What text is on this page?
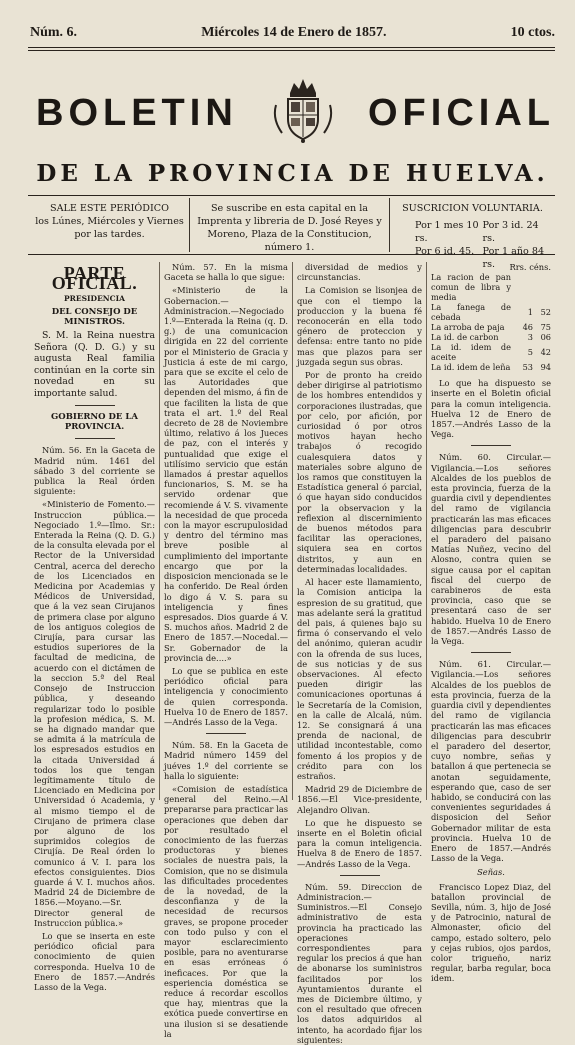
Núm. 6.	Miércoles 14 de Enero de 1857.	10 ctos.
BOLETIN	OFICIAL
DE LA PROVINCIA DE HUELVA.
SALE ESTE PERIÓDICO
los Lúnes, Miércoles y Viernes por las tardes.
Se suscribe en esta capital en la Imprenta y libreria de D. José Reyes y Moreno, Plaza de la Constitucion, número 1.
SUSCRICION VOLUNTARIA.
Por 1 mes 10 rs.
Por 3 id. 24 rs.
Por 6 id. 45. Por 1 año 84 rs.
PARTE OFICIAL.
PRESIDENCIA
DEL CONSEJO DE MINISTROS.

S. M. la Reina nuestra Señora (Q. D. G.) y su augusta Real familia continúan en la corte sin novedad en su importante salud.

GOBIERNO DE LA PROVINCIA.

Núm. 56. En la Gaceta de Madrid núm. 1461 del sábado 3 del corriente se publica la Real órden siguiente:

«Ministerio de Fomento.—Instruccion pública.—Negociado 1.º—Ilmo. Sr.: Enterada la Reina (Q. D. G.) de la consulta elevada por el Rector de la Universidad Central, acerca del derecho de los Licenciados en Medicina por Academias y Médicos de Universidad, que á la vez sean Cirujanos de primera clase por alguno de los antiguos colegios de Cirujía, para cursar las estudios superiores de la facultad de medicina, de acuerdo con el dictámen de la seccion 5.ª del Real Consejo de Instruccion pública, y deseando regularizar todo lo posible la profesion médica, S. M. se ha dignado mandar que se admita á la matrícula de los espresados estudios en la citada Universidad á todos los que tengan legítimamente título de Licenciado en Medicina por Universidad ó Academia, y al mismo tiempo el de Cirujano de primera clase por alguno de los suprimidos colegios de Cirujía. De Real órden lo comunico á V. I. para los efectos consiguientes. Dios guarde á V. I. muchos años. Madrid 24 de Diciembre de 1856.—Moyano.—Sr. Director general de Instruccion pública.»

Lo que se inserta en este periódico oficial para conocimiento de quien corresponda. Huelva 10 de Enero de 1857.—Andrés Lasso de la Vega.

Núm. 57. En la misma Gaceta se halla lo que sigue:

«Ministerio de la Gobernacion.—Administracion.—Negociado 1.º—Enterada la Reina (q. D. g.) de una comunicacion dirigida en 22 del corriente por el Ministerio de Gracia y Justicia á este de mi cargo, para que se excite el celo de las Autoridades que dependen del mismo, á fin de que faciliten la lista de que trata el art. 1.º del Real decreto de 28 de Noviembre último, relativo á los Jueces de paz, con el interés y puntualidad que exige el utilísimo servicio que están llamados á prestar aquellos funcionarios, S. M. se ha servido ordenar que recomiende á V. S. vivamente la necesidad de que proceda con la mayor escrupulosidad y dentro del término mas breve posible al cumplimiento del importante encargo que por la disposicion mencionada se le ha conferido. De Real órden lo digo á V. S. para su inteligencia y fines espresados. Dios guarde á V. S. muchos años. Madrid 2 de Enero de 1857.—Nocedal.—Sr. Gobernador de la provincia de....»

Lo que se publica en este periódico oficial para inteligencia y conocimiento de quien corresponda. Huelva 10 de Enero de 1857.—Andrés Lasso de la Vega.

Núm. 58. En la Gaceta de Madrid número 1459 del juéves 1.º del corriente se halla lo siguiente:

«Comision de estadística general del Reino.—Al prepararse para practicar las operaciones que deben dar por resultado el conocimiento de las fuerzas productoras y bienes sociales de nuestra pais, la Comision, que no se disimula las dificultades procedentes de la novedad, de la desconfianza y de la necesidad de recursos graves, se propone proceder con todo pulso y con el mayor esclarecimiento posible, para no aventurarse en esas erróneas ó ineficaces. Por que la esperiencia doméstica se reduce á recordar escollos que hay, mientras que la exótica puede convertirse en una ilusion si se desatiende la

diversidad de medios y circunstancias.

La Comision se lisonjea de que con el tiempo la produccion y la buena fé reconocerán en ella todo género de proteccion y defensa: entre tanto no pide mas que plazos para ser juzgada segun sus obras.

Por de pronto ha creido deber dirigirse al patriotismo de los hombres entendidos y corporaciones ilustradas, que por celo, por afición, por curiosidad ó por otros motivos hayan hecho trabajos ó recogido cualesquiera datos y materiales sobre alguno de los ramos que constituyen la Estadística general ó parcial, ó que hayan sido conducidos por la observacion y la reflexion al discernimiento de buenos métodos para facilitar las operaciones, siquiera sea en cortos distritos, y aun en determinadas localidades.

Al hacer este llamamiento, la Comision anticipa la espresion de su gratitud, que mas adelante será la gratitud del pais, á quienes bajo su firma ó conservando el velo del anónimo, quieran acudir con la ofrenda de sus luces, de sus noticias y de sus observaciones. Al efecto pueden dirigir las comunicaciones oportunas á le Secretaría de la Comision, en la calle de Alcalá, núm. 12. Se consignará á una prenda de nacional, de utilidad incontestable, como fomento á los propios y de crédito para con los estraños.

Madrid 29 de Diciembre de 1856.—El Vice-presidente, Alejandro Olivan.

Lo que he dispuesto se inserte en el Boletin oficial para la comun inteligencia. Huelva 8 de Enero de 1857.—Andrés Lasso de la Vega.

Núm. 59. Direccion de Administracion.—Suministros.—El Consejo administrativo de esta provincia ha practicado las operaciones correspondientes para regular los precios á que han de abonarse los suministros facilitados por los Ayuntamientos durante el mes de Diciembre último, y con el resultado que ofrecen los datos adquiridos al intento, ha acordado fijar los siguientes:

Rrs. céns.
La racion de pan comun de libra y media		
La fanega de cebada	1	52
La arroba de paja	46	75
La id. de carbon	3	06
La id. idem de aceite	5	42
La id. idem de leña	53	94

Lo que ha dispuesto se inserte en el Boletin oficial para la comun inteligencia. Huelva 12 de Enero de 1857.—Andrés Lasso de la Vega.

Núm. 60. Circular.—Vigilancia.—Los señores Alcaldes de los pueblos de esta provincia, fuerza de la guardia civil y dependientes del ramo de vigilancia practicarán las mas eficaces diligencias para descubrir el paradero del paisano Matías Nuñez, vecino del Alosno, contra quien se sigue causa por el capitan fiscal del cuerpo de carabineros de esta provincia, caso que se presentará caso de ser habido. Huelva 10 de Enero de 1857.—Andrés Lasso de la Vega.

Núm. 61. Circular.—Vigilancia.—Los señores Alcaldes de los pueblos de esta provincia, fuerza de la guardia civil y dependientes del ramo de vigilancia practicarán las mas eficaces diligencias para descubrir el paradero del desertor, cuyo nombre, señas y batallon á que pertenecia se anotan seguidamente, esperando que, caso de ser habido, se conducirá con las convenientes seguridades á disposicion del Señor Gobernador militar de esta provincia. Huelva 10 de Enero de 1857.—Andrés Lasso de la Vega.

Señas.

Francisco Lopez Diaz, del batallon provincial de Sevilla, núm. 3, hijo de José y de Patrocinio, natural de Almonaster, oficio del campo, estado soltero, pelo y cejas rubios, ojos pardos, color trigueño, nariz regular, barba regular, boca idem.
